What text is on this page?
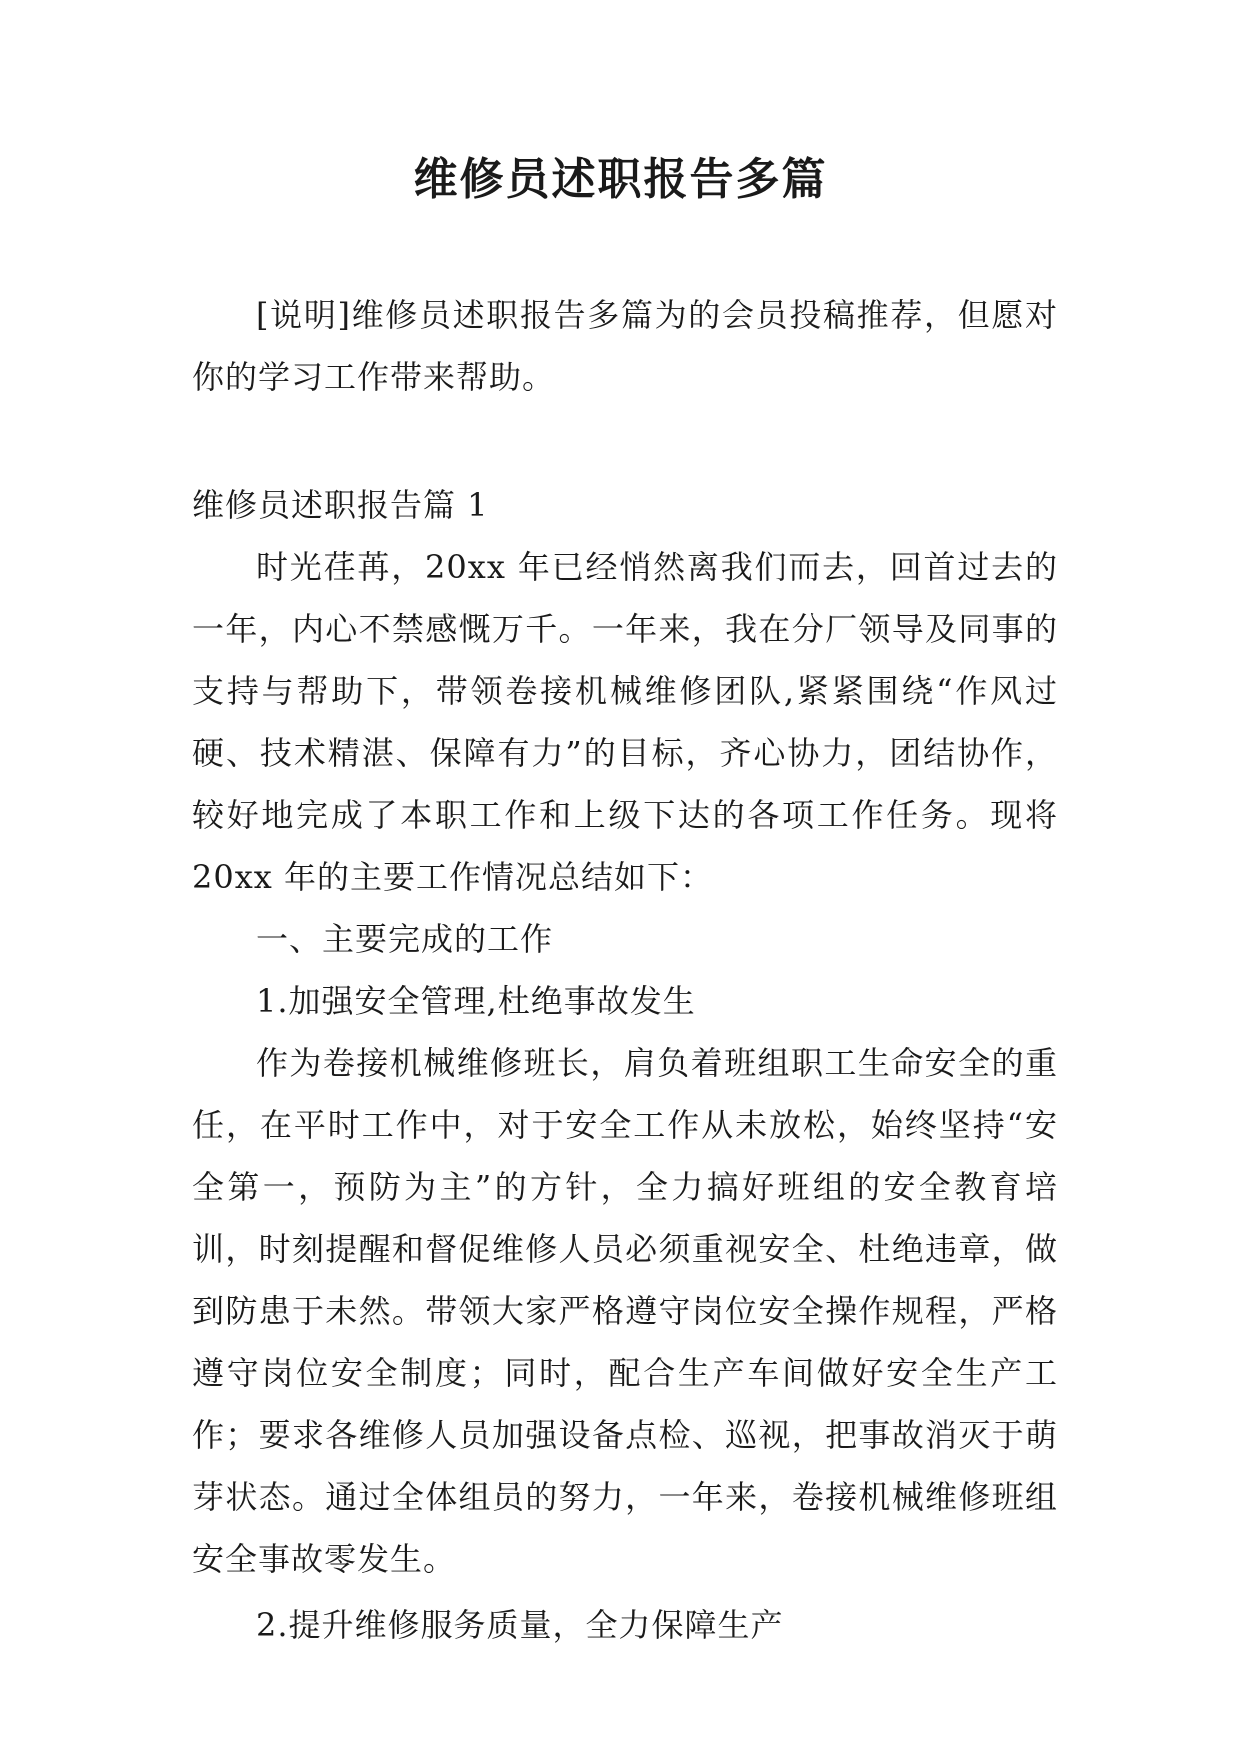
维修员述职报告多篇

[说明]维修员述职报告多篇为的会员投稿推荐，但愿对你的学习工作带来帮助。

维修员述职报告篇 1

时光荏苒，20xx 年已经悄然离我们而去，回首过去的一年，内心不禁感慨万千。一年来，我在分厂领导及同事的支持与帮助下，带领卷接机械维修团队,紧紧围绕“作风过硬、技术精湛、保障有力”的目标，齐心协力，团结协作，较好地完成了本职工作和上级下达的各项工作任务。现将 20xx 年的主要工作情况总结如下：

一、主要完成的工作

1.加强安全管理,杜绝事故发生

作为卷接机械维修班长，肩负着班组职工生命安全的重任，在平时工作中，对于安全工作从未放松，始终坚持“安全第一，预防为主”的方针，全力搞好班组的安全教育培训，时刻提醒和督促维修人员必须重视安全、杜绝违章，做到防患于未然。带领大家严格遵守岗位安全操作规程，严格遵守岗位安全制度；同时，配合生产车间做好安全生产工作；要求各维修人员加强设备点检、巡视，把事故消灭于萌芽状态。通过全体组员的努力，一年来，卷接机械维修班组安全事故零发生。

2.提升维修服务质量，全力保障生产
